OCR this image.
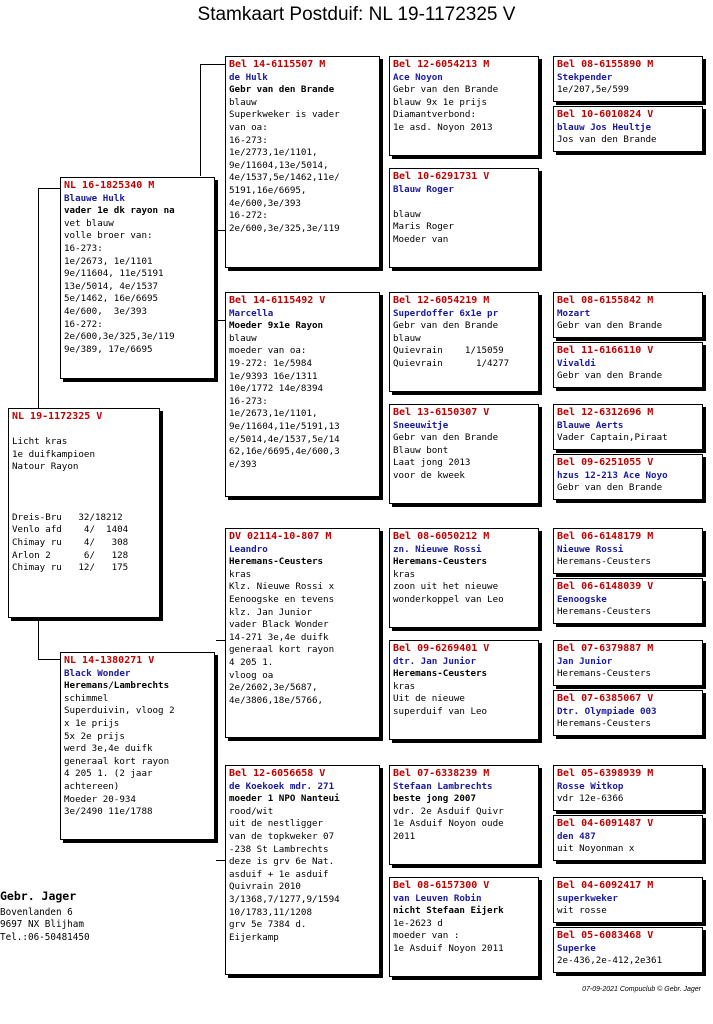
Stamkaart Postduif: NL 19-1172325 V
NL 19-1172325 V

Licht kras
1e duifkampioen
Natour Rayon

Dreis-Bru   32/18212
Venlo afd    4/  1404
Chimay ru    4/   308
Arlon 2      6/   128
Chimay ru   12/   175
NL 16-1825340 M
Blauwe Hulk
vader 1e dk rayon na
vet blauw
volle broer van:
16-273:
1e/2673, 1e/1101
9e/11604, 11e/5191
13e/5014, 4e/1537
5e/1462, 16e/6695
4e/600,  3e/393
16-272:
2e/600,3e/325,3e/119
9e/389, 17e/6695
NL 14-1380271 V
Black Wonder
Heremans/Lambrechts
schimmel
Superduivin, vloog 2
x 1e prijs
5x 2e prijs
werd 3e,4e duifk
generaal kort rayon
4 205 1. (2 jaar
achtereen)
Moeder 20-934
3e/2490 11e/1788
Bel 14-6115507 M
de Hulk
Gebr van den Brande
blauw
Superkweker is vader
van oa:
16-273:
1e/2773,1e/1101,
9e/11604,13e/5014,
4e/1537,5e/1462,11e/
5191,16e/6695,
4e/600,3e/393
16-272:
2e/600,3e/325,3e/119
Bel 14-6115492 V
Marcella
Moeder 9x1e Rayon
blauw
moeder van oa:
19-272: 1e/5984
1e/9393 16e/1311
10e/1772 14e/8394
16-273:
1e/2673,1e/1101,
9e/11604,11e/5191,13
e/5014,4e/1537,5e/14
62,16e/6695,4e/600,3
e/393
DV 02114-10-807 M
Leandro
Heremans-Ceusters
kras
Klz. Nieuwe Rossi x
Eenoogske en tevens
klz. Jan Junior
vader Black Wonder
14-271 3e,4e duifk
generaal kort rayon
4 205 1.
vloog oa
2e/2602,3e/5687,
4e/3806,18e/5766,
Bel 12-6056658 V
de Koekoek mdr. 271
moeder 1 NPO Nanteui
rood/wit
uit de nestligger
van de topkweker 07
-238 St Lambrechts
deze is grv 6e Nat.
asduif + 1e asduif
Quivrain 2010
3/1368,7/1277,9/1594
10/1783,11/1208
grv 5e 7384 d.
Eijerkamp
Bel 12-6054213 M
Ace Noyon
Gebr van den Brande
blauw 9x 1e prijs
Diamantverbond:
1e asd. Noyon 2013
Bel 10-6291731 V
Blauw Roger

blauw
Maris Roger
Moeder van
Bel 12-6054219 M
Superdoffer 6x1e pr
Gebr van den Brande
blauw
Quievrain    1/15059
Quievrain      1/4277
Bel 13-6150307 V
Sneeuwitje
Gebr van den Brande
Blauw bont
Laat jong 2013
voor de kweek
Bel 08-6050212 M
zn. Nieuwe Rossi
Heremans-Ceusters
kras
zoon uit het nieuwe
wonderkoppel van Leo
Bel 09-6269401 V
dtr. Jan Junior
Heremans-Ceusters
kras
Uit de nieuwe
superduif van Leo
Bel 07-6338239 M
Stefaan Lambrechts
beste jong 2007
vdr. 2e Asduif Quivr
1e Asduif Noyon oude
2011
Bel 08-6157300 V
van Leuven Robin
nicht Stefaan Eijerk
1e-2623 d
moeder van :
1e Asduif Noyon 2011
Bel 08-6155890 M
Stekpender
1e/207,5e/599
Bel 10-6010824 V
blauw Jos Heultje
Jos van den Brande
Bel 08-6155842 M
Mozart
Gebr van den Brande
Bel 11-6166110 V
Vivaldi
Gebr van den Brande
Bel 12-6312696 M
Blauwe Aerts
Vader Captain,Piraat
Bel 09-6251055 V
hzus 12-213 Ace Noyo
Gebr van den Brande
Bel 06-6148179 M
Nieuwe Rossi
Heremans-Ceusters
Bel 06-6148039 V
Eenoogske
Heremans-Ceusters
Bel 07-6379887 M
Jan Junior
Heremans-Ceusters
Bel 07-6385067 V
Dtr. Olympiade 003
Heremans-Ceusters
Bel 05-6398939 M
Rosse Witkop
vdr 12e-6366
Bel 04-6091487 V
den 487
uit Noyonman x
Bel 04-6092417 M
superkweker
wit rosse
Bel 05-6083468 V
Superke
2e-436,2e-412,2e361
Gebr. Jager
Bovenlanden 6
9697 NX Blijham
Tel.:06-50481450
07-09-2021 Compuclub © Gebr. Jager
